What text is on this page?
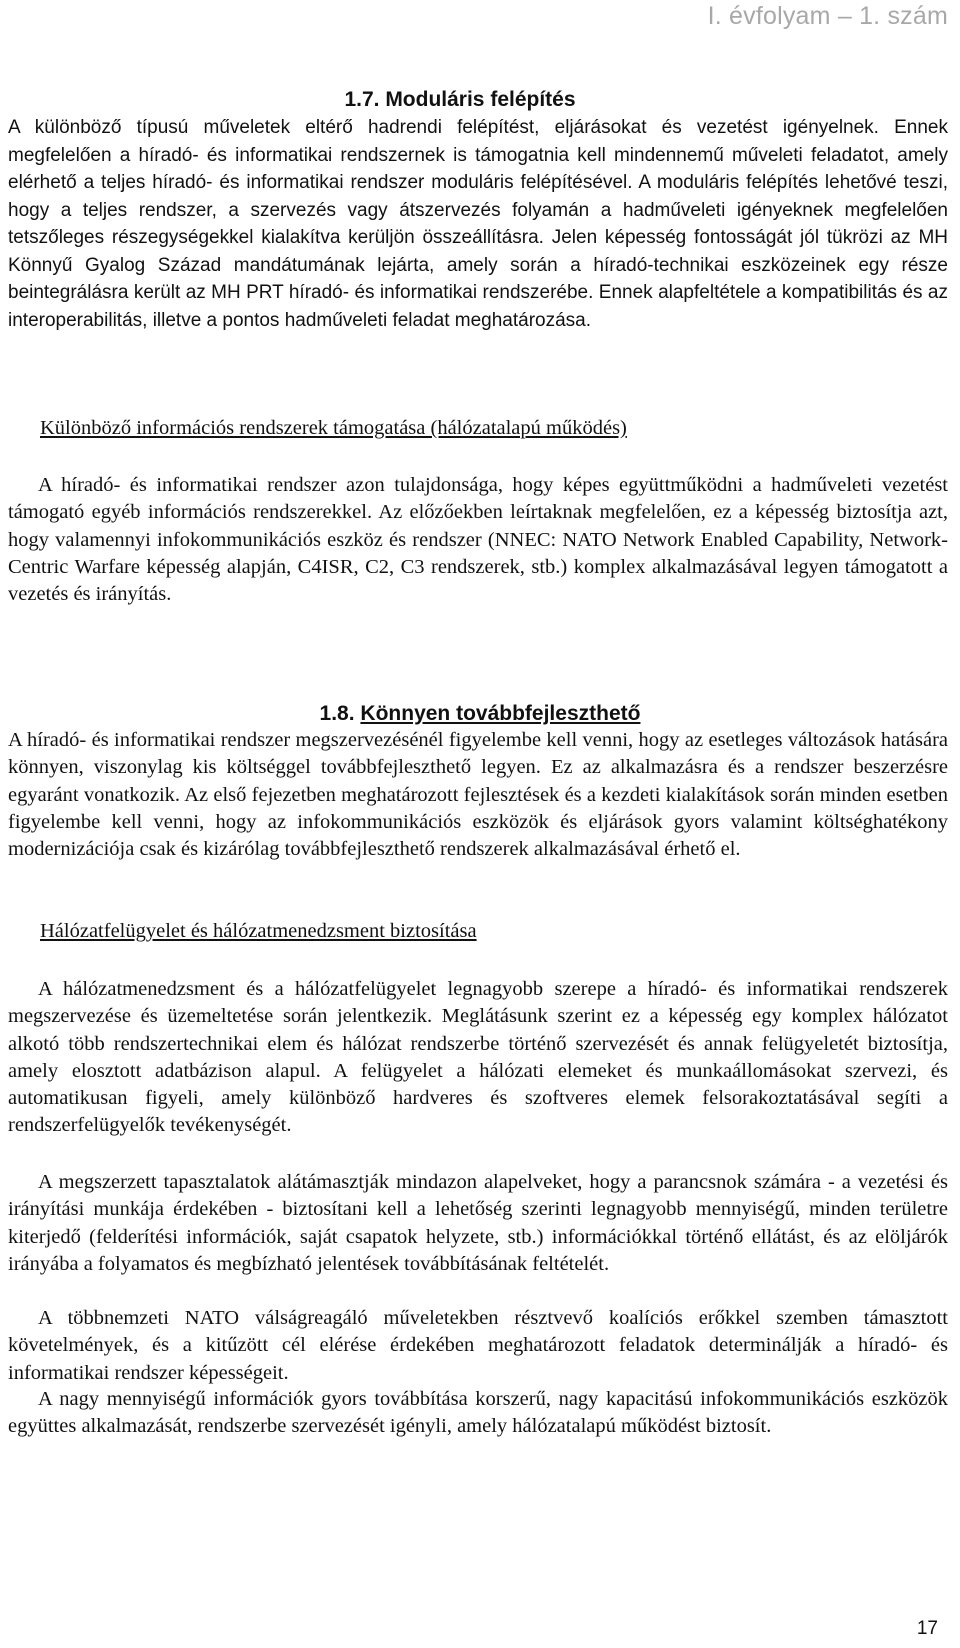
I. évfolyam – 1. szám
1.7. Moduláris felépítés

A különböző típusú műveletek eltérő hadrendi felépítést, eljárásokat és vezetést igényelnek. Ennek megfelelően a híradó- és informatikai rendszernek is támogatnia kell mindennemű műveleti feladatot, amely elérhető a teljes híradó- és informatikai rendszer moduláris felépítésével. A moduláris felépítés lehetővé teszi, hogy a teljes rendszer, a szervezés vagy átszervezés folyamán a hadműveleti igényeknek megfelelően tetszőleges részegységekkel kialakítva kerüljön összeállításra. Jelen képesség fontosságát jól tükrözi az MH Könnyű Gyalog Század mandátumának lejárta, amely során a híradó-technikai eszközeinek egy része beintegrálásra került az MH PRT híradó- és informatikai rendszerébe. Ennek alapfeltétele a kompatibilitás és az interoperabilitás, illetve a pontos hadműveleti feladat meghatározása.

Különböző információs rendszerek támogatása (hálózatalapú működés)

A híradó- és informatikai rendszer azon tulajdonsága, hogy képes együttműködni a hadműveleti vezetést támogató egyéb információs rendszerekkel. Az előzőekben leírtaknak megfelelően, ez a képesség biztosítja azt, hogy valamennyi infokommunikációs eszköz és rendszer (NNEC: NATO Network Enabled Capability, Network-Centric Warfare képesség alapján, C4ISR, C2, C3 rendszerek, stb.) komplex alkalmazásával legyen támogatott a vezetés és irányítás.

1.8. Könnyen továbbfejleszthető

A híradó- és informatikai rendszer megszervezésénél figyelembe kell venni, hogy az esetleges változások hatására könnyen, viszonylag kis költséggel továbbfejleszthető legyen. Ez az alkalmazásra és a rendszer beszerzésre egyaránt vonatkozik. Az első fejezetben meghatározott fejlesztések és a kezdeti kialakítások során minden esetben figyelembe kell venni, hogy az infokommunikációs eszközök és eljárások gyors valamint költséghatékony modernizációja csak és kizárólag továbbfejleszthető rendszerek alkalmazásával érhető el.

Hálózatfelügyelet és hálózatmenedzsment biztosítása

A hálózatmenedzsment és a hálózatfelügyelet legnagyobb szerepe a híradó- és informatikai rendszerek megszervezése és üzemeltetése során jelentkezik. Meglátásunk szerint ez a képesség egy komplex hálózatot alkotó több rendszertechnikai elem és hálózat rendszerbe történő szervezését és annak felügyeletét biztosítja, amely elosztott adatbázison alapul. A felügyelet a hálózati elemeket és munkaállomásokat szervezi, és automatikusan figyeli, amely különböző hardveres és szoftveres elemek felsorakoztatásával segíti a rendszerfelügyelők tevékenységét.

A megszerzett tapasztalatok alátámasztják mindazon alapelveket, hogy a parancsnok számára - a vezetési és irányítási munkája érdekében - biztosítani kell a lehetőség szerinti legnagyobb mennyiségű, minden területre kiterjedő (felderítési információk, saját csapatok helyzete, stb.) információkkal történő ellátást, és az elöljárók irányába a folyamatos és megbízható jelentések továbbításának feltételét.

A többnemzeti NATO válságreagáló műveletekben résztvevő koalíciós erőkkel szemben támasztott követelmények, és a kitűzött cél elérése érdekében meghatározott feladatok determinálják a híradó- és informatikai rendszer képességeit.

A nagy mennyiségű információk gyors továbbítása korszerű, nagy kapacitású infokommunikációs eszközök együttes alkalmazását, rendszerbe szervezését igényli, amely hálózatalapú működést biztosít.

17
